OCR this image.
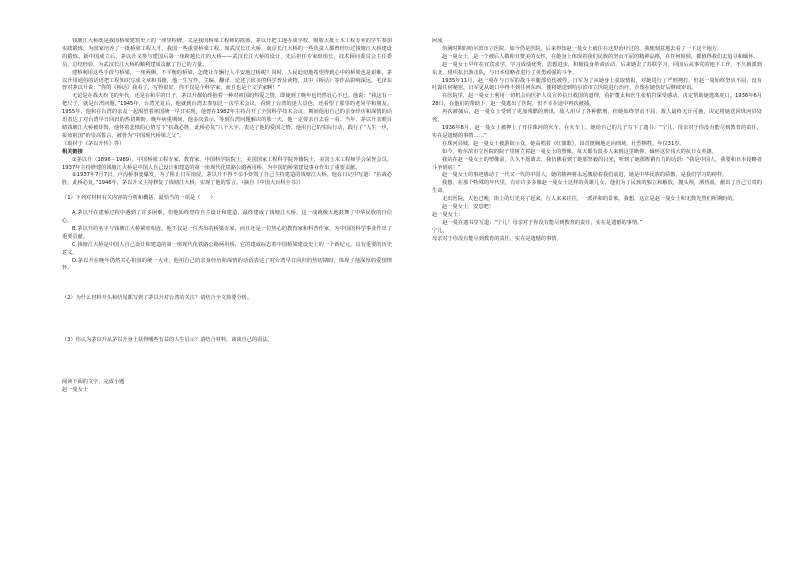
钱塘江大桥既是我国桥梁建筑史上的一座里程碑，又是我国桥梁工程师的摇篮，茅以升把工地办成学校，吸收大批土木工程专业的学生参加实践锻炼，为国家培养了一批桥梁工程人才，我国一些重要桥梁工程，如武汉长江大桥、南京长江大桥的一些负责人都曾经历过钱塘江大桥建设的锻炼。新中国成立后，茅以升又参与建国后第一座跨越长江的大桥——武汉长江大桥的设计，先后担任专家组组长，技术顾问委员会主任委员，总结经验，为武汉长江大桥的顺利建成贡献了自己的力量。

建桥利用这些手段与桥梁，一座两侧、不平衡的桥梁，怎能让车辆行人平安地过桥呢？同时，人民迫切地希望得到心中的桥梁也是艰难。茅以升用通俗的话语把工程知识写成文章和书籍，他一生写作、主编、翻译、论述了很多的科学普及读物，其中《桥话》等作品影响深远。毛泽东曾对茅以升说：“你的《桥话》我看了，写得很好，你不仅是个科学家，而且也是个文学家啊！”

无论是在战火纷飞的年代，还是在和平的日子，茅以升都始终抱着一种对祖国的热爱之情，即使到了晚年也仍然壮心不已。他说：“我这有一把尺子，就是台湾问题。”1945年，台湾光复后，他就到台湾去参加过一次学术会议，看到了台湾的迷人景色，还看望了那里的老同学和朋友。1955年，他和在台湾的亲友一起渴望着祖国统一早日实现。他曾在1982年主持召开了全国科学技术会议，期间他用自己的亲身经历和深情的话语表达了对台湾早日回归的热切期盼。晚年病重期间，他多次表示，等到台湾问题解决的那一天，他一定要亲自去看一看。当年，茅以升亲眼目睹钱塘江大桥被炸毁，他怀着悲愤的心情写下“抗战必胜，此桥必复”八个大字，表达了他的爱国之情。他用自己的实际行动，践行了“人生一世，报效祖国”的崇高誓言，被誉为“中国现代桥梁之父”。

（取材于《茅以升传》等）

相关链接

①茅以升（1896－1989），中国桥梁工程专家，教育家。中国科学院院士，美国国家工程科学院外籍院士，美国土木工程师学会荣誉会员。1937年主持修建的钱塘江大桥是中国人自己设计和建造的第一座现代化铁路公路两用桥，为中国的桥梁建设事业作出了重要贡献。

②1937年7月7日，卢沟桥事变爆发，为了阻止日军南侵，茅以升不得不亲手炸毁了自己主持建造的钱塘江大桥。他在日记中写道：“抗战必胜，此桥必复。”1946年，茅以升又主持修复了钱塘江大桥，实现了他的誓言。（摘自《中国大百科全书》）

（1）下列对材料有关内容的分析和概括，最恰当的一项是（　　）

A.茅以升在建桥过程中遇到了许多困难，但他始终坚持自主设计和建造，最终建成了钱塘江大桥，这一成就极大地鼓舞了中华民族的自信心。

B.茅以升的名字与钱塘江大桥紧密相连，他不仅是一位杰出的桥梁专家，而且还是一位热心的教育家和科普作家，为中国的科学事业作出了重要贡献。

C.钱塘江大桥是中国人自己设计和建造的第一座现代化铁路公路两用桥，它的建成标志着中国桥梁建设史上的一个新纪元，具有重要的历史意义。

D.茅以升在晚年仍然关心祖国的统一大业，他用自己的亲身经历和深情的话语表达了对台湾早日回归的热切期盼，体现了他深厚的爱国情怀。

（2）为什么材料开头和结尾都写到了茅以升对台湾的关注？请结合全文简要分析。

（3）你认为茅以升从茅以升身上获得哪些有益的人生启示？请结合材料，谈谈自己的看法。

阅读下面的文字，完成小题

赵一曼女士

阿成

伪满时期的哈尔滨市立医院，如今仍是医院。后来得知赵一曼女士就住在这里治疗过的，我便刻意地去看了一下这个地方。

赵一曼女士，是一个被后人敬仰且赞美的女性，在她身上体现着我们民族的坚贞不屈的精神品格，在任何时候，都值得我们去追寻和缅怀。

赵一曼女士早年在宜宾求学，学习成绩优秀，思想进步，积极投身革命活动。后来她去了苏联学习，回国后从事党的地下工作，不久被派到东北，组织抗日游击队，与日本侵略者进行了英勇顽强的斗争。

1935年11月，赵一曼在与日军的战斗中腿部负伤被俘，日军为了从她身上获取情报，对她进行了严刑拷打，但赵一曼始终坚贞不屈，没有吐露任何秘密。日军见从她口中得不到任何东西，便将她送到哈尔滨市立医院进行治疗，企图在她伤好后继续审讯。

在医院里，赵一曼女士利用一切机会向医护人员宣传抗日救国的道理，看护董太和医生张柏岩深受感动，决定帮助她逃离虎口。1936年6月28日，在他们的帮助下，赵一曼逃出了医院，但不幸在途中再次被捕。

再次被捕后，赵一曼女士受到了更加残酷的刑讯，敌人用尽了各种酷刑，但她始终坚贞不屈，敌人最终无计可施，决定将她送回珠河县处死。

1936年8月，赵一曼女士被押上了开往珠河的火车，在火车上，她给自己的儿子写下了遗书：“宁儿，母亲对于你没有能尽到教育的责任，实在是遗憾的事情……”

在珠河县城，赵一曼女士被游街示众，她高唱着《红旗歌》，昂首挺胸地走向刑场，壮烈牺牲，年仅31岁。

如今，哈尔滨市立医院的院子里树立着赵一曼女士的塑像，每天都有很多人来到这里瞻仰，缅怀这位伟大的抗日女英雄。

我站在赵一曼女士的塑像前，久久不愿离去。我仿佛看到了她那坚毅的目光，听到了她那铿锵有力的话语：“我是中国人，我要和日本侵略者斗争到底！”

赵一曼女士的事迹感动了一代又一代的中国人，她的精神将永远激励着我们前进，她是中华民族的骄傲，是我们学习的榜样。

我想，在那个特殊的年代里，有许许多多像赵一曼女士这样的英雄儿女，他们为了民族的独立和解放，抛头颅，洒热血，献出了自己宝贵的生命。

走出医院，天色已晚，街上的灯光亮了起来，行人来来往往，一派祥和的景象。我想，这正是赵一曼女士和无数先烈们所期盼的。

赵一曼女士，安息吧！

赵一曼女士：

　　赵一曼在遗书里写道：“宁儿！母亲对于你没有能尽到教育的责任，实在是遗憾的事情。”

宁儿，

母亲对于你没有能尽到教育的责任，实在是遗憾的事情。
